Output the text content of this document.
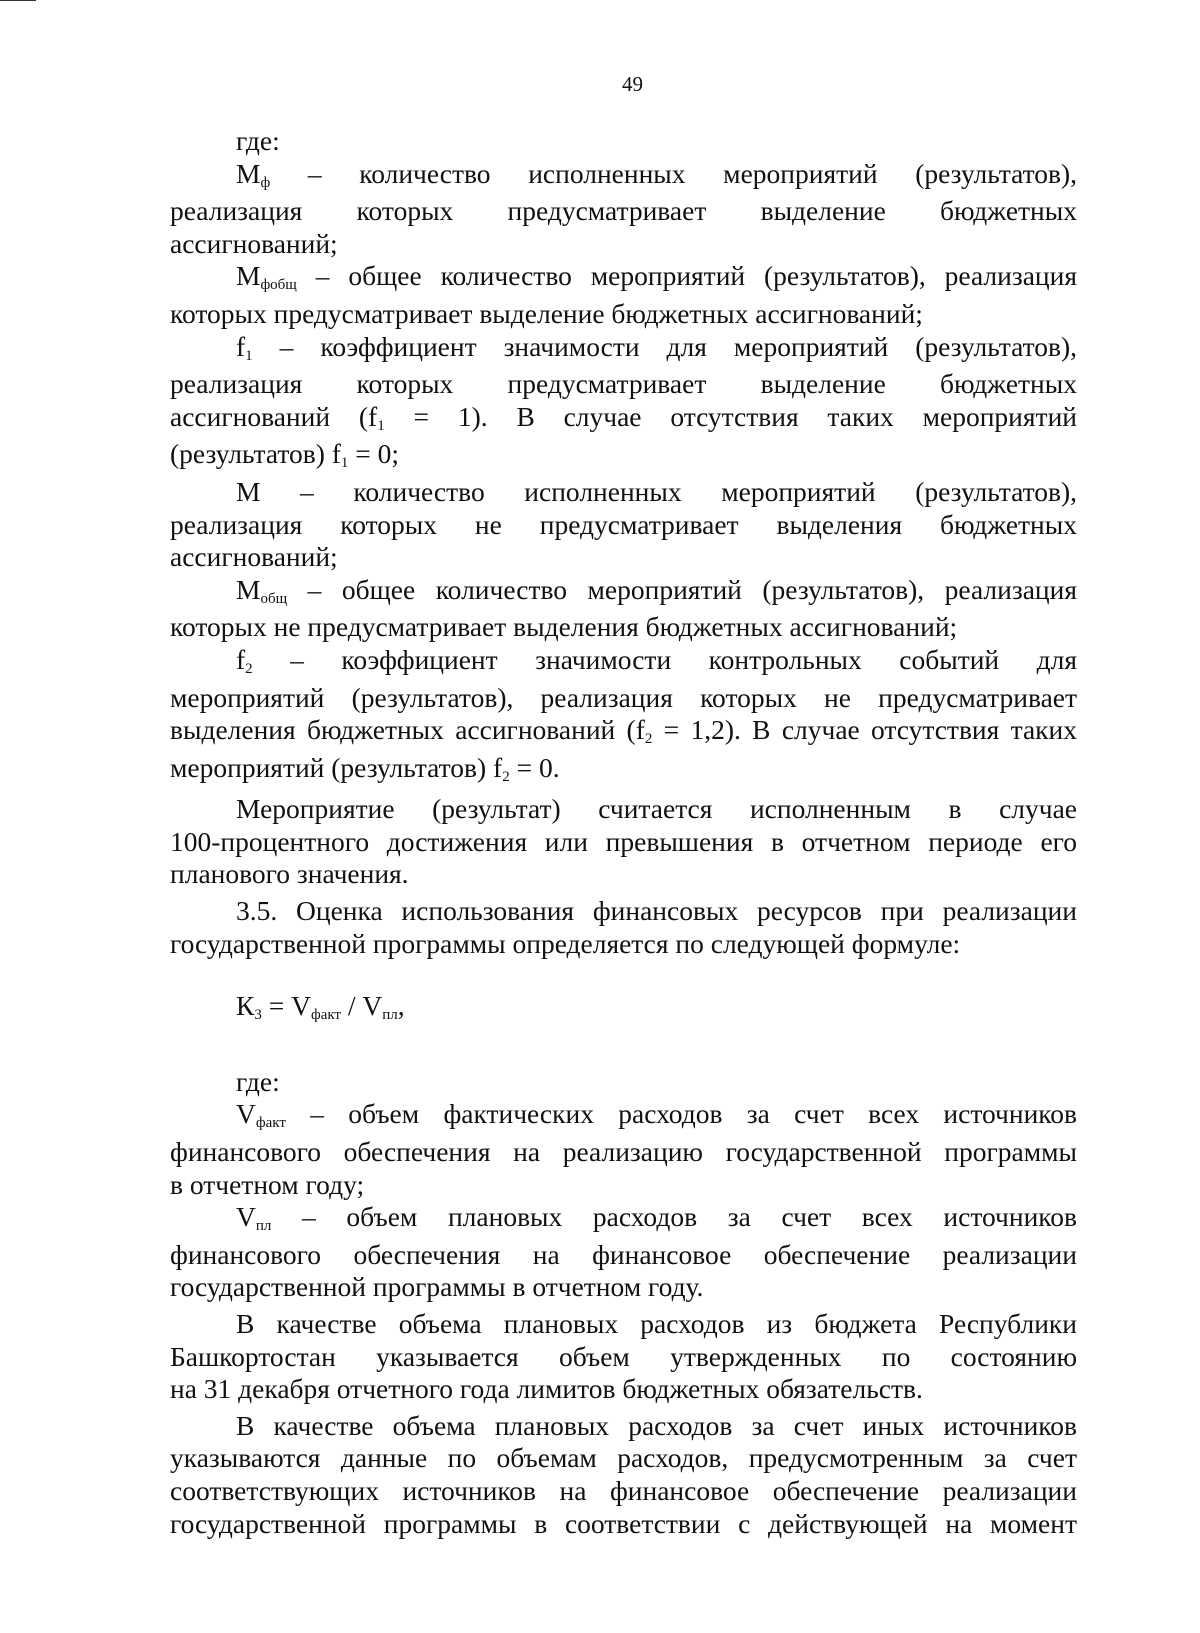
49

где:

Мф – количество исполненных мероприятий (результатов),

реализация которых предусматривает выделение бюджетных

ассигнований;

Мфобщ – общее количество мероприятий (результатов), реализация

которых предусматривает выделение бюджетных ассигнований;

f1 – коэффициент значимости для мероприятий (результатов),

реализация которых предусматривает выделение бюджетных

ассигнований (f1 = 1). В случае отсутствия таких мероприятий

(результатов) f1 = 0;

М – количество исполненных мероприятий (результатов),

реализация которых не предусматривает выделения бюджетных

ассигнований;

Мобщ – общее количество мероприятий (результатов), реализация

которых не предусматривает выделения бюджетных ассигнований;

f2 – коэффициент значимости контрольных событий для

мероприятий (результатов), реализация которых не предусматривает

выделения бюджетных ассигнований (f2 = 1,2). В случае отсутствия таких

мероприятий (результатов) f2 = 0.

Мероприятие (результат) считается исполненным в случае

100-процентного достижения или превышения в отчетном периоде его

планового значения.

3.5. Оценка использования финансовых ресурсов при реализации

государственной программы определяется по следующей формуле:

К3 = Vфакт / Vпл,

где:

Vфакт – объем фактических расходов за счет всех источников

финансового обеспечения на реализацию государственной программы

в отчетном году;

Vпл – объем плановых расходов за счет всех источников

финансового обеспечения на финансовое обеспечение реализации

государственной программы в отчетном году.

В качестве объема плановых расходов из бюджета Республики

Башкортостан указывается объем утвержденных по состоянию

на 31 декабря отчетного года лимитов бюджетных обязательств.

В качестве объема плановых расходов за счет иных источников

указываются данные по объемам расходов, предусмотренным за счет

соответствующих источников на финансовое обеспечение реализации

государственной программы в соответствии с действующей на момент
